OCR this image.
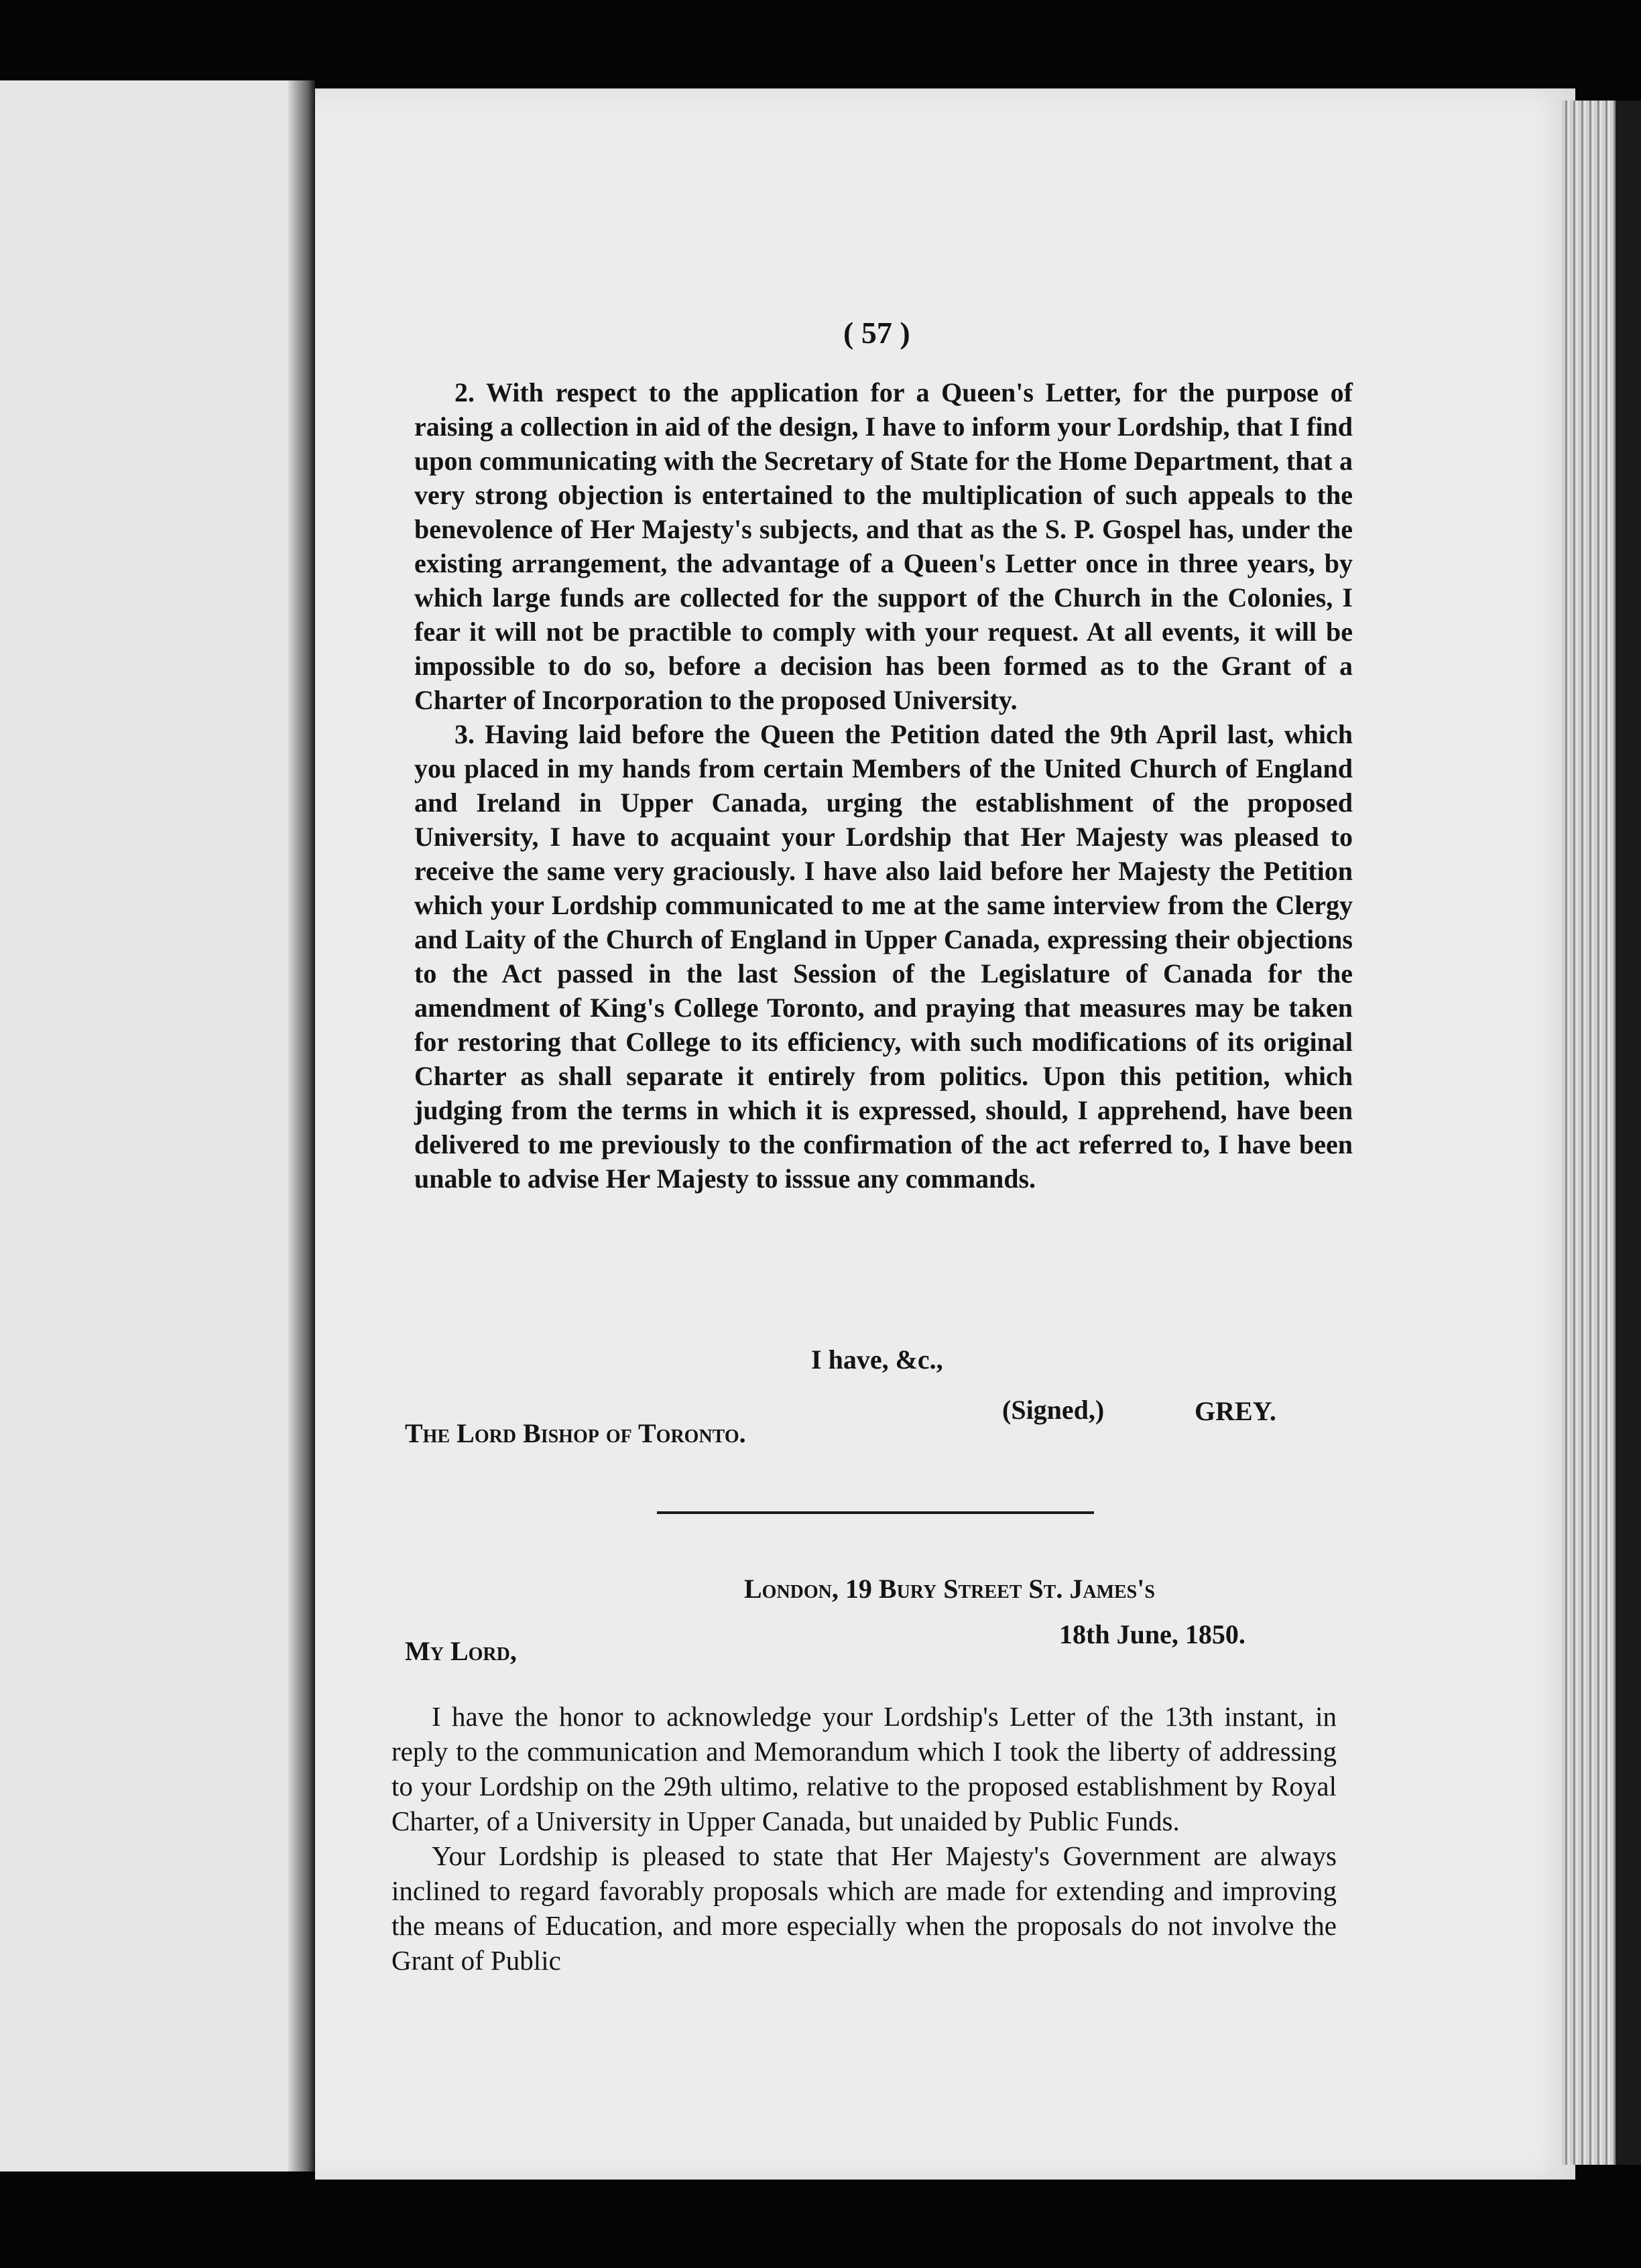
( 57 )

2. With respect to the application for a Queen's Letter, for the purpose of raising a collection in aid of the design, I have to inform your Lordship, that I find upon communicating with the Secretary of State for the Home Department, that a very strong objection is entertained to the multiplication of such appeals to the benevolence of Her Majesty's subjects, and that as the S. P. Gospel has, under the existing arrangement, the advantage of a Queen's Letter once in three years, by which large funds are collected for the support of the Church in the Colonies, I fear it will not be practible to comply with your request. At all events, it will be impossible to do so, before a decision has been formed as to the Grant of a Charter of Incorporation to the proposed University.

3. Having laid before the Queen the Petition dated the 9th April last, which you placed in my hands from certain Members of the United Church of England and Ireland in Upper Canada, urging the establishment of the proposed University, I have to acquaint your Lordship that Her Majesty was pleased to receive the same very graciously. I have also laid before her Majesty the Petition which your Lordship communicated to me at the same interview from the Clergy and Laity of the Church of England in Upper Canada, expressing their objections to the Act passed in the last Session of the Legislature of Canada for the amendment of King's College Toronto, and praying that measures may be taken for restoring that College to its efficiency, with such modifications of its original Charter as shall separate it entirely from politics. Upon this petition, which judging from the terms in which it is expressed, should, I apprehend, have been delivered to me previously to the confirmation of the act referred to, I have been unable to advise Her Majesty to isssue any commands.

I have, &c.,
(Signed,)	GREY.
The Lord Bishop of Toronto.
London, 19 Bury Street St. James's
18th June, 1850.
My Lord,

I have the honor to acknowledge your Lordship's Letter of the 13th instant, in reply to the communication and Memorandum which I took the liberty of addressing to your Lordship on the 29th ultimo, relative to the proposed establishment by Royal Charter, of a University in Upper Canada, but unaided by Public Funds.

Your Lordship is pleased to state that Her Majesty's Government are always inclined to regard favorably proposals which are made for extending and improving the means of Education, and more especially when the proposals do not involve the Grant of Public
